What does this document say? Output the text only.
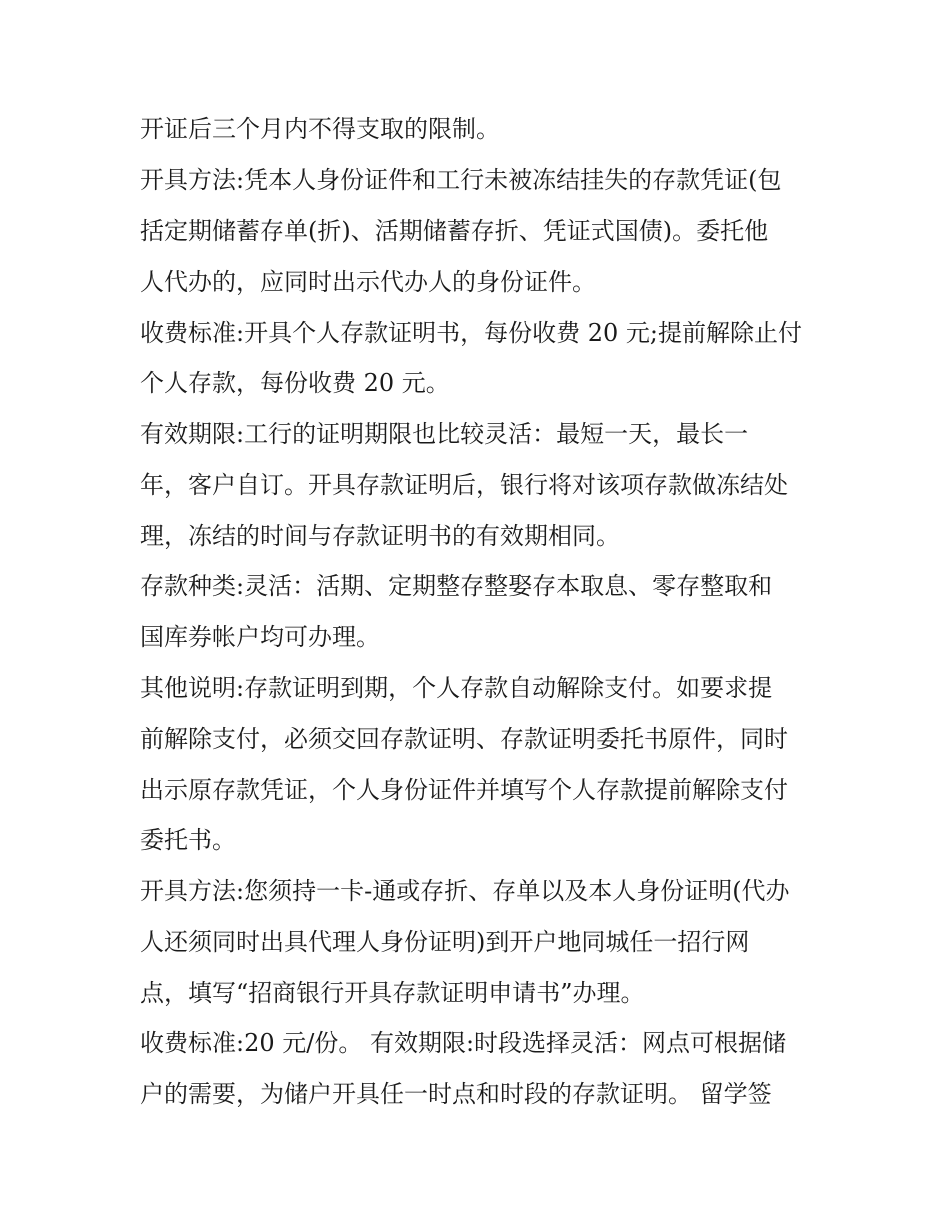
开证后三个月内不得支取的限制。
开具方法:凭本人身份证件和工行未被冻结挂失的存款凭证(包
括定期储蓄存单(折)、活期储蓄存折、凭证式国债)。委托他
人代办的，应同时出示代办人的身份证件。
收费标准:开具个人存款证明书，每份收费 20 元;提前解除止付
个人存款，每份收费 20 元。
有效期限:工行的证明期限也比较灵活：最短一天，最长一
年，客户自订。开具存款证明后，银行将对该项存款做冻结处
理，冻结的时间与存款证明书的有效期相同。
存款种类:灵活：活期、定期整存整娶存本取息、零存整取和
国库券帐户均可办理。
其他说明:存款证明到期，个人存款自动解除支付。如要求提
前解除支付，必须交回存款证明、存款证明委托书原件，同时
出示原存款凭证，个人身份证件并填写个人存款提前解除支付
委托书。
开具方法:您须持一卡-通或存折、存单以及本人身份证明(代办
人还须同时出具代理人身份证明)到开户地同城任一招行网
点，填写“招商银行开具存款证明申请书”办理。
收费标准:20 元/份。 有效期限:时段选择灵活：网点可根据储
户的需要，为储户开具任一时点和时段的存款证明。 留学签
